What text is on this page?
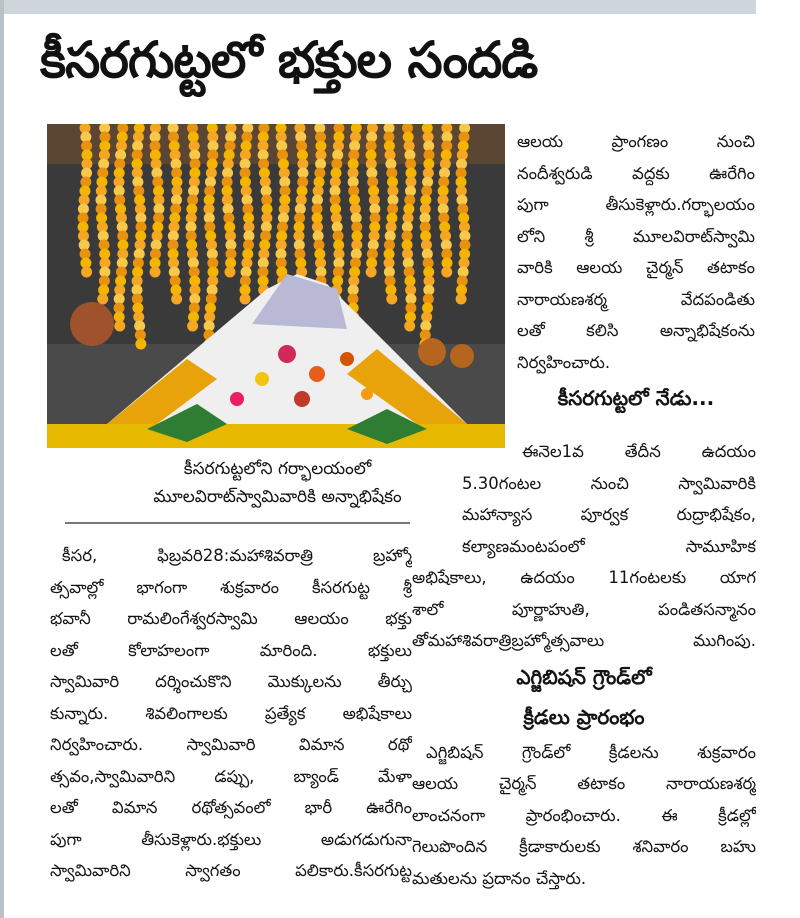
కీసరగుట్టలో భక్తుల సందడి
కీసరగుట్టలోని గర్భాలయంలో
మూలవిరాట్‌స్వామివారికి అన్నాభిషేకం
ఆలయ ప్రాంగణం నుంచి
నందీశ్వరుడి వద్దకు ఊరేగిం
పుగా తీసుకెళ్లారు.గర్భాలయం
లోని శ్రీ మూలవిరాట్‌స్వామి
వారికి ఆలయ చైర్మన్‌ తటాకం
నారాయణశర్మ వేదపండితు
లతో కలిసి అన్నాభిషేకంను
నిర్వహించారు.
కీసరగుట్టలో నేడు...
ఈనెల1వ తేదీన ఉదయం
5.30గంటల నుంచి స్వామివారికి
మహాన్యాస పూర్వక రుద్రాభిషేకం,
కల్యాణమంటపంలో సామూహిక
అభిషేకాలు, ఉదయం 11గంటలకు యాగ
శాలో పూర్ణాహుతి, పండితసన్మానం
తోమహాశివరాత్రిబ్రహ్మోత్సవాలు ముగింపు.
ఎగ్జిబిషన్‌ గ్రౌండ్‌లో
క్రీడలు ప్రారంభం
ఎగ్జిబిషన్‌ గ్రౌండ్‌లో క్రీడలను శుక్రవారం
ఆలయ చైర్మన్‌ తటాకం నారాయణశర్మ
లాంచనంగా ప్రారంభించారు. ఈ క్రీడల్లో
గెలుపొందిన క్రీడాకారులకు శనివారం బహు
మతులను ప్రదానం చేస్తారు.
కీసర, ఫిబ్రవరి28:మహాశివరాత్రి బ్రహ్మో
త్సవాల్లో భాగంగా శుక్రవారం కీసరగుట్ట శ్రీ
భవానీ రామలింగేశ్వరస్వామి ఆలయం భక్తు
లతో కోలాహలంగా మారింది. భక్తులు
స్వామివారి దర్శించుకొని మొక్కులను తీర్చు
కున్నారు. శివలింగాలకు ప్రత్యేక అభిషేకాలు
నిర్వహించారు. స్వామివారి విమాన రథో
త్సవం,స్వామివారిని డప్పు, బ్యాండ్‌ మేళా
లతో విమాన రథోత్సవంలో భారీ ఊరేగిం
పుగా తీసుకెళ్లారు.భక్తులు అడుగడుగునా
స్వామివారిని స్వాగతం పలికారు.కీసరగుట్ట
